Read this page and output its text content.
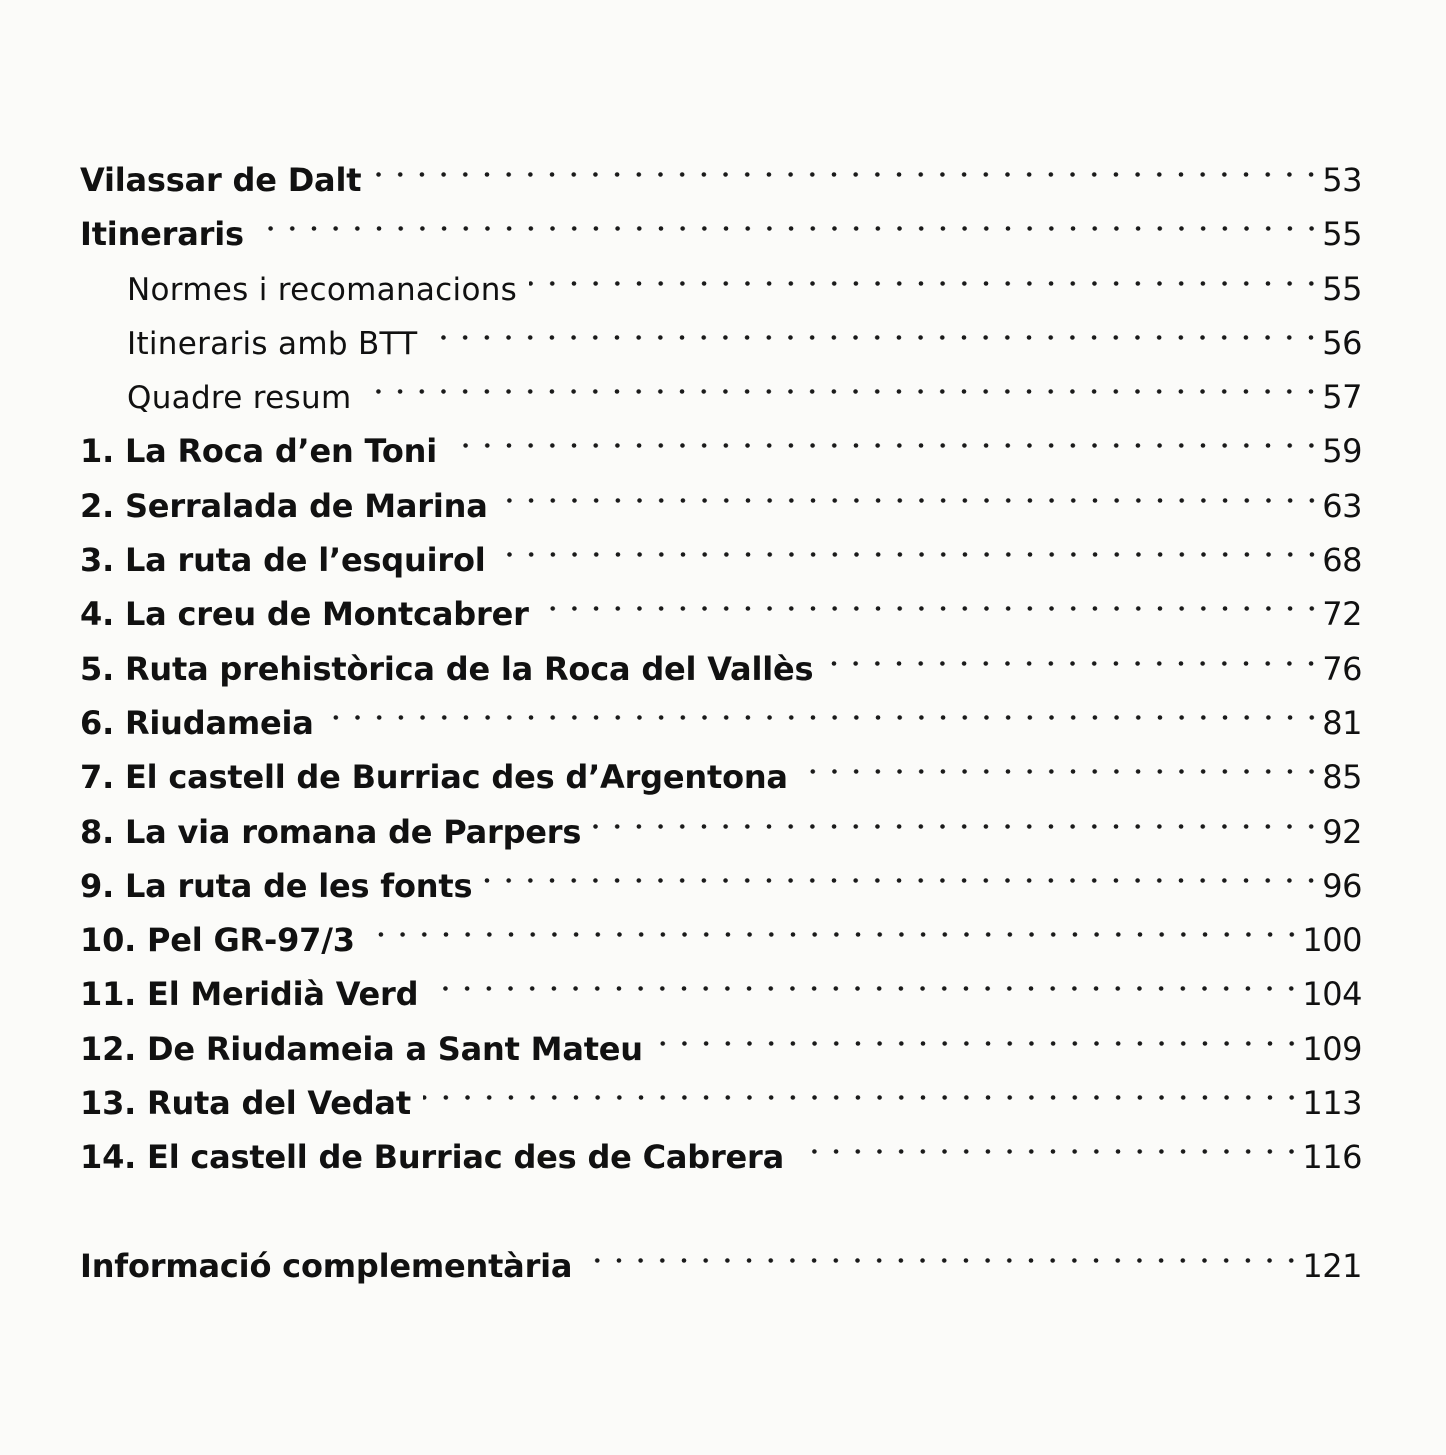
Vilassar de Dalt	53
Itineraris	55
Normes i recomanacions	55
Itineraris amb BTT	56
Quadre resum	57
1. La Roca d’en Toni	59
2. Serralada de Marina	63
3. La ruta de l’esquirol	68
4. La creu de Montcabrer	72
5. Ruta prehistòrica de la Roca del Vallès	76
6. Riudameia	81
7. El castell de Burriac des d’Argentona	85
8. La via romana de Parpers	92
9. La ruta de les fonts	96
10. Pel GR-97/3	100
11. El Meridià Verd	104
12. De Riudameia a Sant Mateu	109
13. Ruta del Vedat	113
14. El castell de Burriac des de Cabrera	116
Informació complementària	121
